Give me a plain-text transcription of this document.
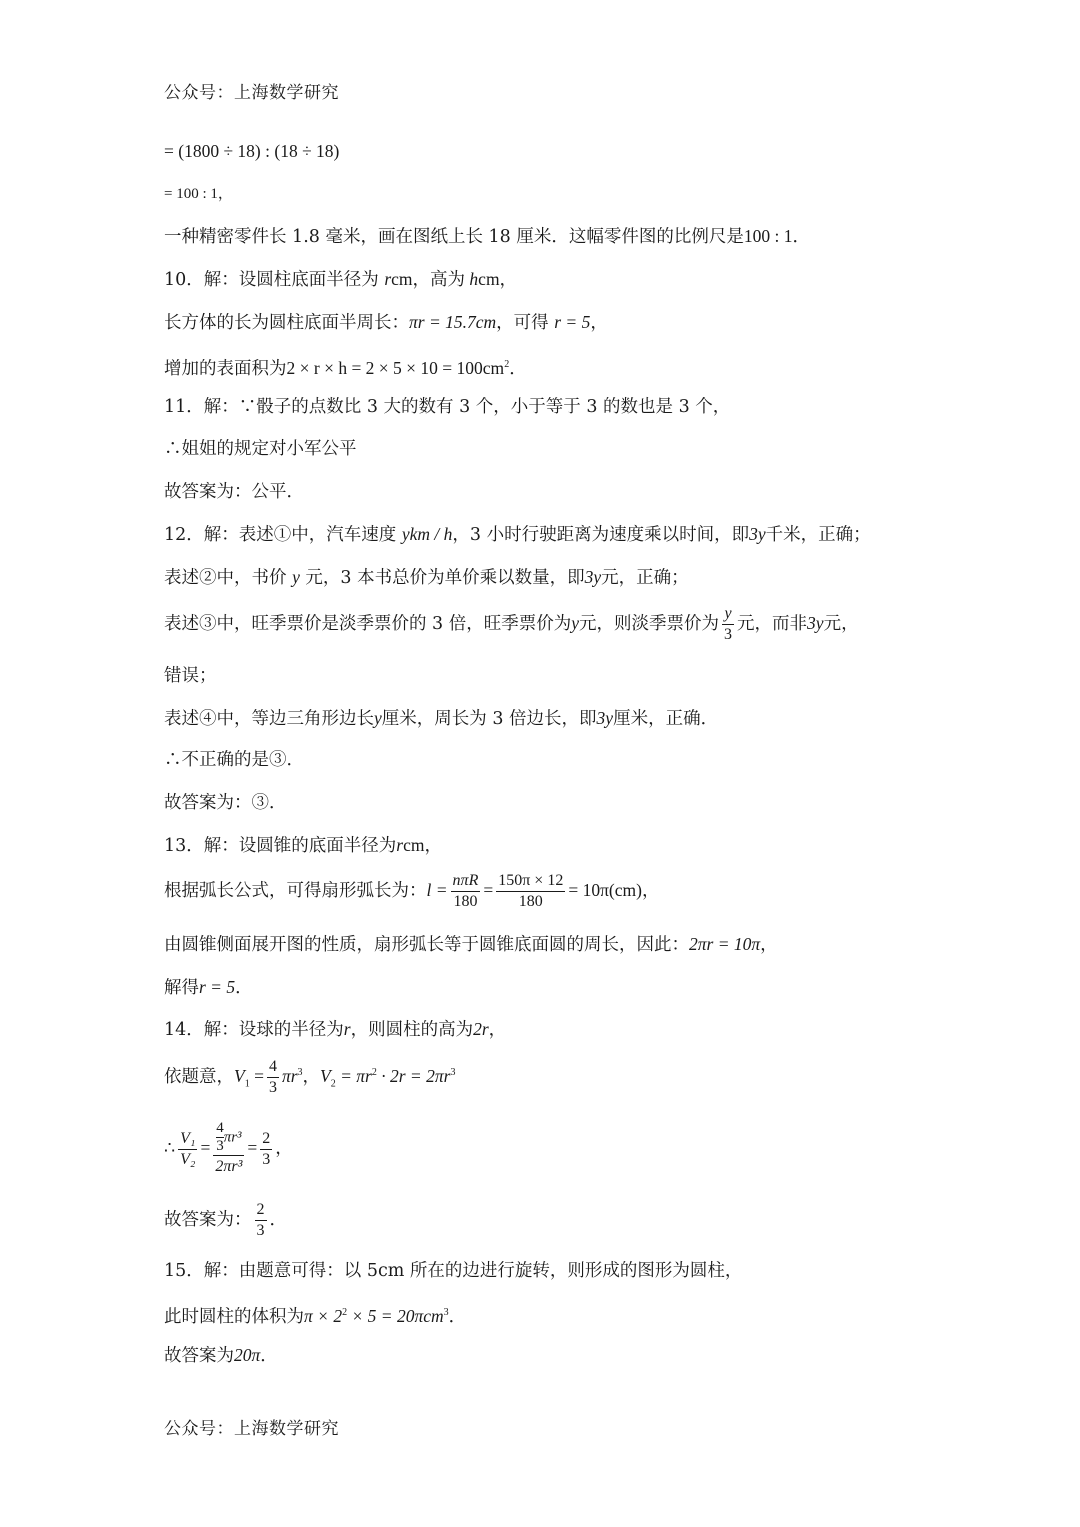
公众号：上海数学研究
= (1800 ÷ 18) : (18 ÷ 18)
= 100 : 1，
一种精密零件长 1.8 毫米，画在图纸上长 18 厘米．这幅零件图的比例尺是100 : 1．
10．解：设圆柱底面半径为 rcm，高为 hcm，
长方体的长为圆柱底面半周长：πr = 15.7cm，可得 r = 5，
增加的表面积为$2 \times r \times h = 2 \times 5 \times 10 = 100cm^2$．
11．解：∵骰子的点数比 3 大的数有 3 个，小于等于 3 的数也是 3 个，
∴姐姐的规定对小军公平
故答案为：公平．
12．解：表述①中，汽车速度 ykm / h，3 小时行驶距离为速度乘以时间，即3y千米，正确；
表述②中，书价 y 元，3 本书总价为单价乘以数量，即3y元，正确；
表述③中，旺季票价是淡季票价的 3 倍，旺季票价为y元，则淡季票价为 $\frac{y}{3}$ 元，而非3y元，
错误；
表述④中，等边三角形边长y厘米，周长为 3 倍边长，即3y厘米，正确．
∴不正确的是③．
故答案为：③．
13．解：设圆锥的底面半径为rcm，
根据弧长公式，可得扇形弧长为：$l = \frac{\text{nπR}}{180} = \frac{150\pi \times 12}{180} = 10\pi(cm)$，
由圆锥侧面展开图的性质，扇形弧长等于圆锥底面圆的周长，因此：2πr = 10π，
解得r = 5．
14．解：设球的半径为r，则圆柱的高为2r，
依题意，$V_1 = \frac{4}{3} \pi r^3$，$V_2 = \pi r^2 \cdot 2r = 2\pi r^3$
∴ $\frac{\text{V₁}}{\text{V₂}} = \frac{\frac{4}{3} \pi r^3}{\text{2πr³}} = \frac{2}{3}$ ，
故答案为： $\frac{2}{3}$ ．
15．解：由题意可得：以 5cm 所在的边进行旋转，则形成的图形为圆柱，
此时圆柱的体积为$\pi \times 2^2 \times 5 = 20\pi cm^3$．
故答案为20π．
公众号：上海数学研究
